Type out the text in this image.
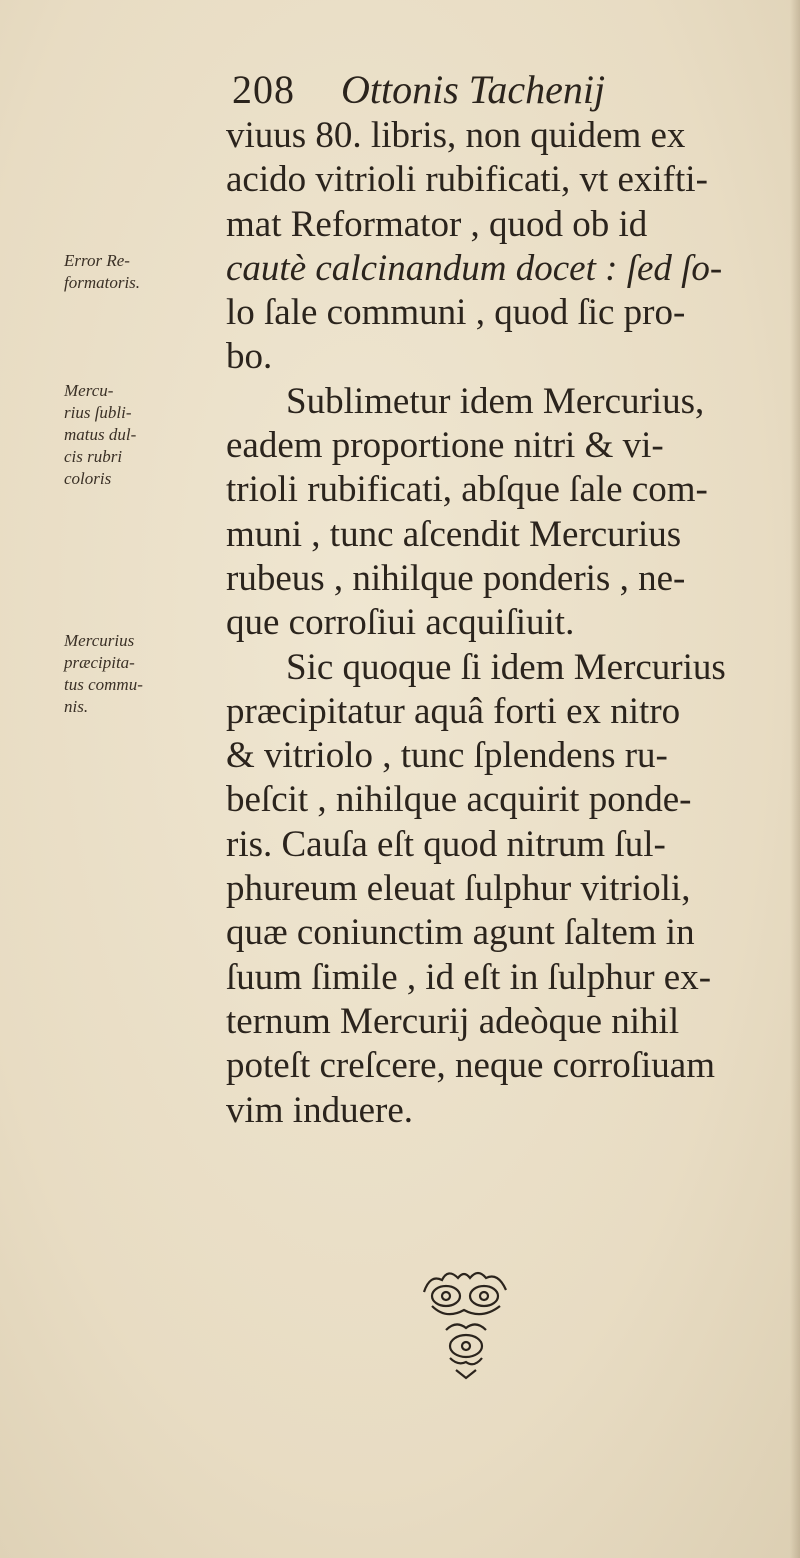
208 Ottonis Tachenij
viuus 80. libris, non quidem ex
acido vitrioli rubificati, vt exifti-
mat Reformator , quod ob id
cautè calcinandum docet : ſed ſo-
lo ſale communi , quod ſic pro-
bo.
Sublimetur idem Mercurius,
eadem proportione nitri & vi-
trioli rubificati, abſque ſale com-
muni , tunc aſcendit Mercurius
rubeus , nihilque ponderis , ne-
que corroſiui acquiſiuit.
Sic quoque ſi idem Mercurius
præcipitatur aquâ forti ex nitro
& vitriolo , tunc ſplendens ru-
beſcit , nihilque acquirit ponde-
ris. Cauſa eſt quod nitrum ſul-
phureum eleuat ſulphur vitrioli,
quæ coniunctim agunt ſaltem in
ſuum ſimile , id eſt in ſulphur ex-
ternum Mercurij adeòque nihil
poteſt creſcere, neque corroſiuam
vim induere.
Error Re-
formatoris.
Mercu-
rius ſubli-
matus dul-
cis rubri
coloris
Mercurius
præcipita-
tus commu-
nis.
